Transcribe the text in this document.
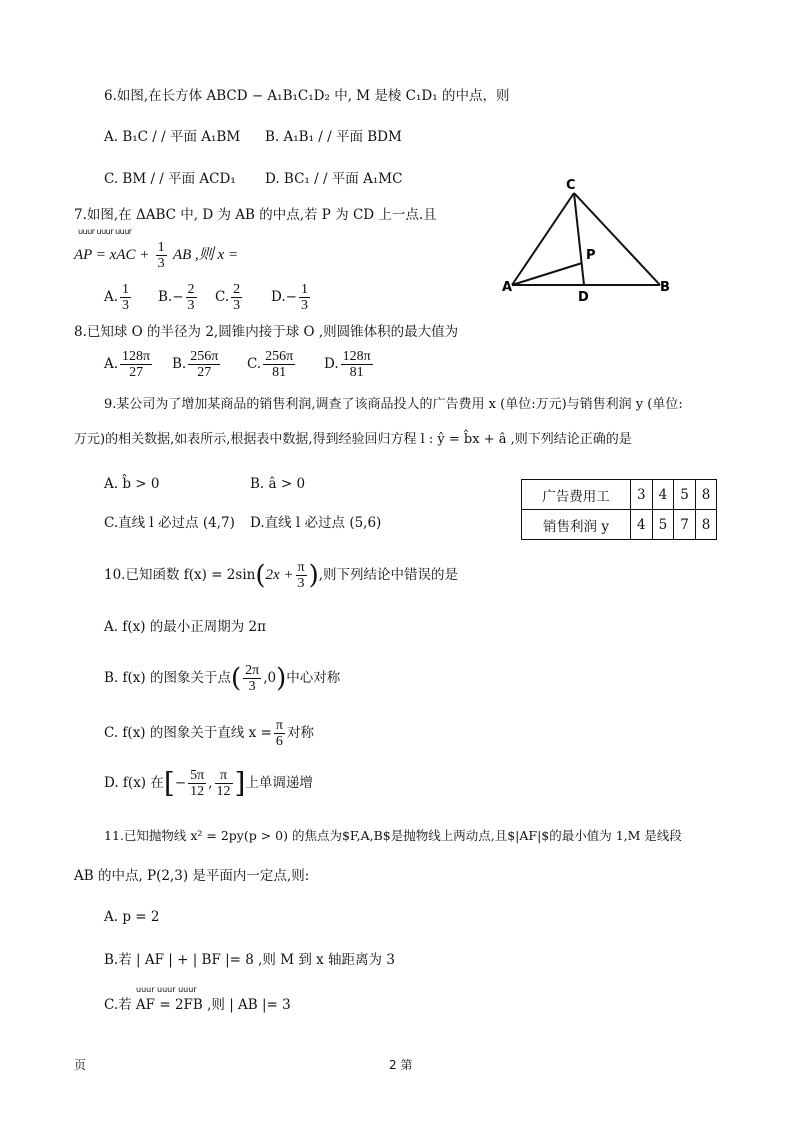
6.如图,在长方体 ABCD − A₁B₁C₁D₂ 中, M 是棱 C₁D₁ 的中点，则
A. B₁C / / 平面 A₁BM B. A₁B₁ / / 平面 BDM
C. BM / / 平面 ACD₁ D. BC₁ / / 平面 A₁MC
7.如图,在 ΔABC 中, D 为 AB 的中点,若 P 为 CD 上一点.且
uuur uuur uuur
AP = xAC + $\frac{1}{3}$ AB ,则 x =
A. $\frac{1}{3} B.- \frac{2}{3} C$. $\frac{2}{3} D.- \frac{1}{3}$
C
P
A
D
B
8.已知球 O 的半径为 2,圆锥内接于球 O ,则圆锥体积的最大值为
A. $\frac{128\pi}{27} B$. $\frac{256\pi}{27} C$. $\frac{256\pi}{81} D$. $\frac{128\pi}{81}$
9.某公司为了增加某商品的销售利润,调查了该商品投人的广告费用 x (单位:万元)与销售利润 y (单位:
万元)的相关数据,如表所示,根据表中数据,得到经验回归方程 l : ŷ = b̂x + â ,则下列结论正确的是
A. b̂ > 0	B. â > 0
C.直线 l 必过点 (4,7) D.直线 l 必过点 (5,6)
广告费用工	3	4	5	8
销售利润 y	4	5	7	8
10.已知函数 $f(x) = 2\sin(2x + \frac{\pi}{3}$ ),则下列结论中错误的是
A. f(x) 的最小正周期为 2π
B. f(x) 的图象关于点( $\frac{2\pi}{3} ,0$)中心对称
C. f(x) 的图象关于直线 $x = \frac{\pi}{6}$ 对称
D. f(x) 在[− $\frac{5\pi}{12}$ , $\frac{\pi}{12}$ ]上单调递增
11.已知抛物线 x² = 2py(p > 0) 的焦点为$F,A,B$是抛物线上两动点,且$|AF|$的最小值为 1,M 是线段
AB 的中点, P(2,3) 是平面内一定点,则:
A. p = 2
B.若 | AF | + | BF |= 8 ,则 M 到 x 轴距离为 3
uuur uuur uuur
C.若 AF = 2FB ,则 | AB |= 3
页	2 第
